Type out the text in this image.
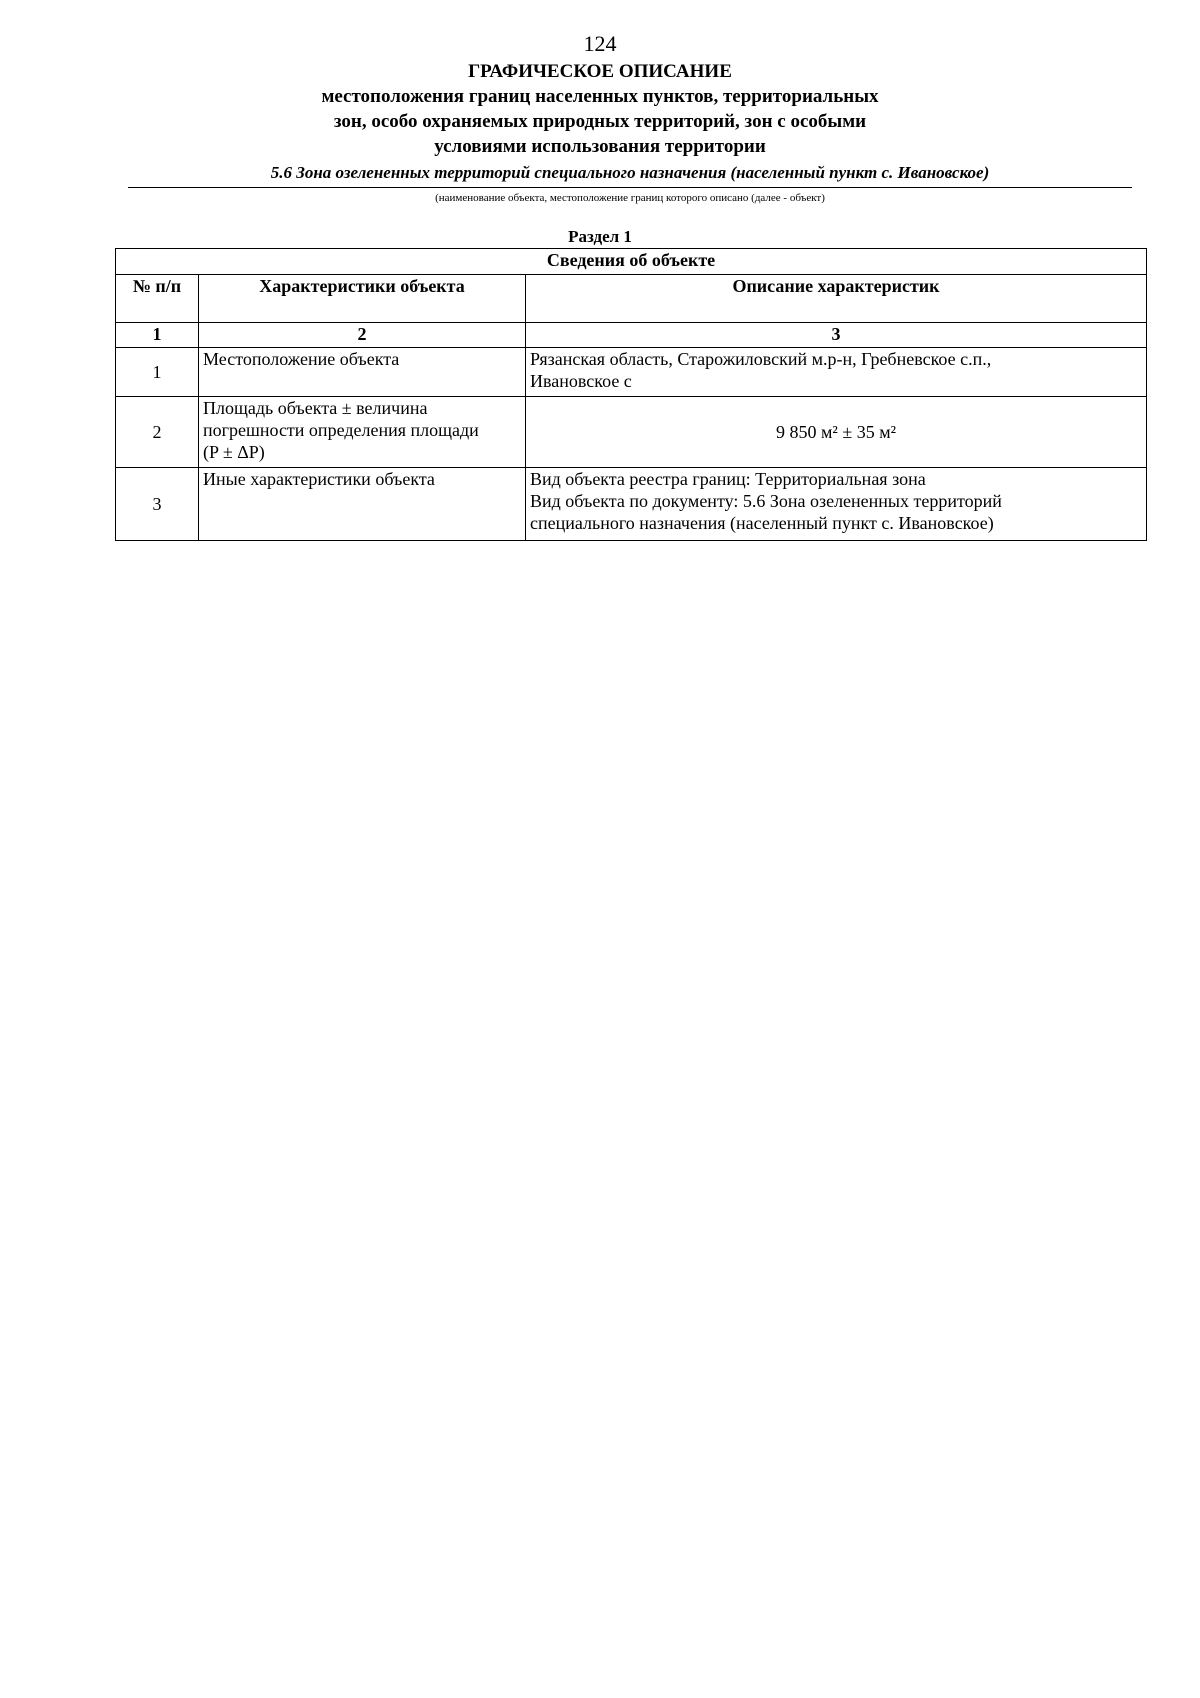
124
ГРАФИЧЕСКОЕ ОПИСАНИЕ
местоположения границ населенных пунктов, территориальных
зон, особо охраняемых природных территорий, зон с особыми
условиями использования территории
5.6 Зона озелененных территорий специального назначения (населенный пункт с. Ивановское)
(наименование объекта, местоположение границ которого описано (далее - объект)
Раздел 1
Сведения об объекте		
№ п/п	Характеристики объекта	Описание характеристик
1	2	3
1	Местоположение объекта	Рязанская область, Старожиловский м.р-н, Гребневское с.п.,
Ивановское с

2	Площадь объекта ± величина
погрешности определения площади
(P ± ΔP)	9 850 м² ± 35 м²
3	Иные характеристики объекта	Вид объекта реестра границ: Территориальная зона
Вид объекта по документу: 5.6 Зона озелененных территорий
специального назначения (населенный пункт с. Ивановское)
